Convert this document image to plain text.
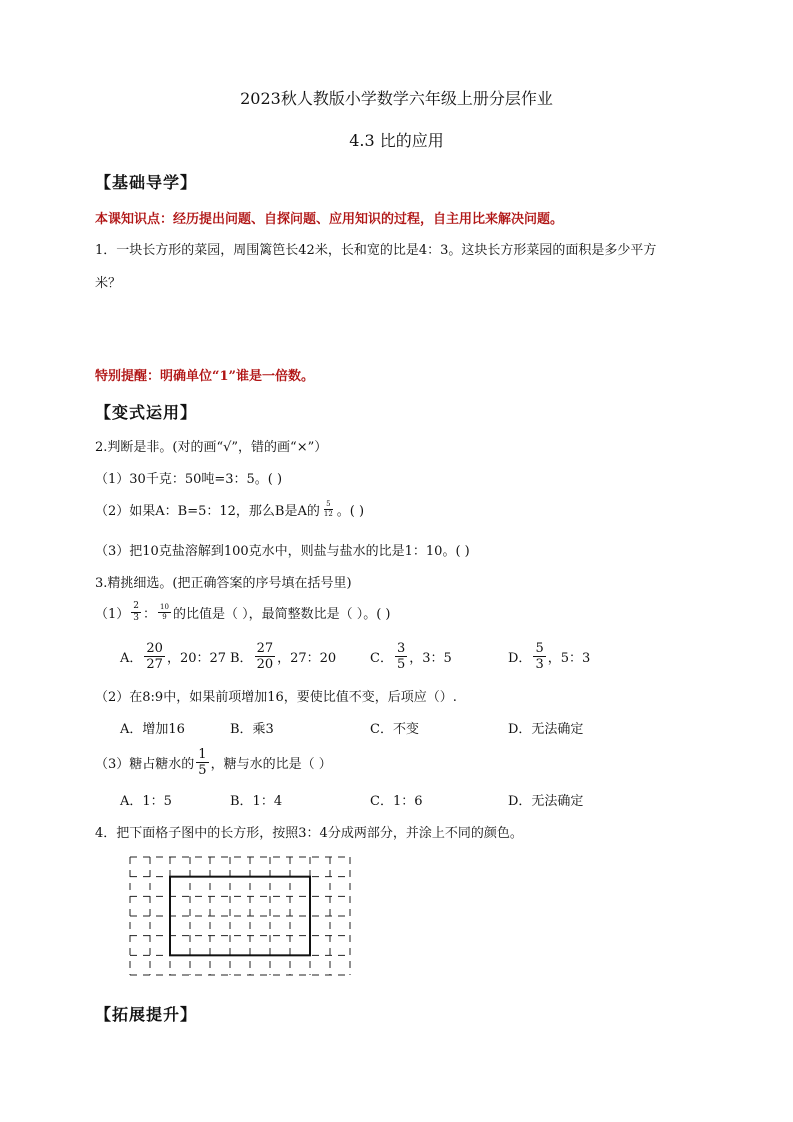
2023秋人教版小学数学六年级上册分层作业
4.3 比的应用
【基础导学】
本课知识点：经历提出问题、自探问题、应用知识的过程，自主用比来解决问题。
1．一块长方形的菜园，周围篱笆长42米，长和宽的比是4：3。这块长方形菜园的面积是多少平方
米？
特别提醒：明确单位“1”谁是一倍数。
【变式运用】
2.判断是非。(对的画“√”，错的画“×”）
（1）30千克：50吨=3：5。( )
（2）如果A：B=5：12，那么B是A的 $\frac{5}{12}$ 。( )
（3）把10克盐溶解到100克水中，则盐与盐水的比是1：10。( )
3.精挑细选。(把正确答案的序号填在括号里)
$(1) \frac{2}{3}$ ： $\frac{10}{9}$ 的比值是（ ），最简整数比是（ ）。( )
A． $\frac{20}{27}$ ，20：27 B． $\frac{27}{20}$ ，27：20	C． $\frac{3}{5}$ ，3：5	D． $\frac{5}{3}$ ，5：3
（2）在8:9中，如果前项增加16，要使比值不变，后项应（）.
A．增加16	B．乘3	C．不变	D．无法确定
（3）糖占糖水的 $\frac{1}{5}$ ，糖与水的比是（ ）
A．1：5	B．1：4	C．1：6	D．无法确定
4．把下面格子图中的长方形，按照3：4分成两部分，并涂上不同的颜色。
【拓展提升】
